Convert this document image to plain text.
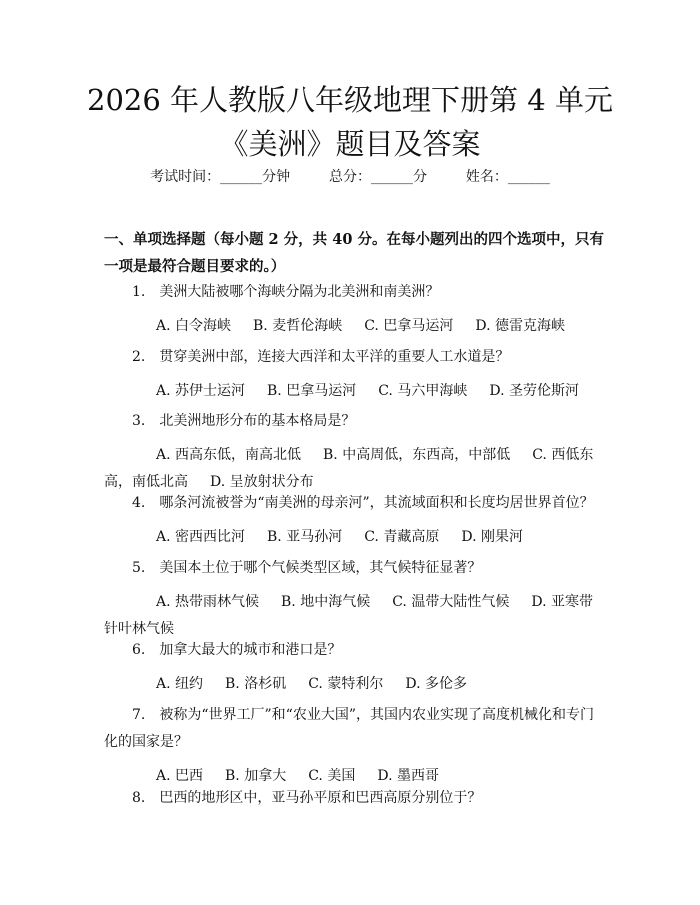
2026 年人教版八年级地理下册第 4 单元《美洲》题目及答案
考试时间：______分钟	总分：______分	姓名：______
一、单项选择题（每小题 2 分，共 40 分。在每小题列出的四个选项中，只有一项是最符合题目要求的。）

1.　美洲大陆被哪个海峡分隔为北美洲和南美洲？

A. 白令海峡 B. 麦哲伦海峡 C. 巴拿马运河 D. 德雷克海峡

2.　贯穿美洲中部，连接大西洋和太平洋的重要人工水道是？

A. 苏伊士运河 B. 巴拿马运河 C. 马六甲海峡 D. 圣劳伦斯河

3.　北美洲地形分布的基本格局是？

A. 西高东低，南高北低 B. 中高周低，东西高，中部低 C. 西低东高，南低北高 D. 呈放射状分布

4.　哪条河流被誉为“南美洲的母亲河”，其流域面积和长度均居世界首位？

A. 密西西比河 B. 亚马孙河 C. 青藏高原 D. 刚果河

5.　美国本土位于哪个气候类型区域，其气候特征显著？

A. 热带雨林气候 B. 地中海气候 C. 温带大陆性气候 D. 亚寒带针叶林气候

6.　加拿大最大的城市和港口是？

A. 纽约 B. 洛杉矶 C. 蒙特利尔 D. 多伦多

7.　被称为“世界工厂”和“农业大国”，其国内农业实现了高度机械化和专门化的国家是？

A. 巴西 B. 加拿大 C. 美国 D. 墨西哥

8.　巴西的地形区中，亚马孙平原和巴西高原分别位于？
